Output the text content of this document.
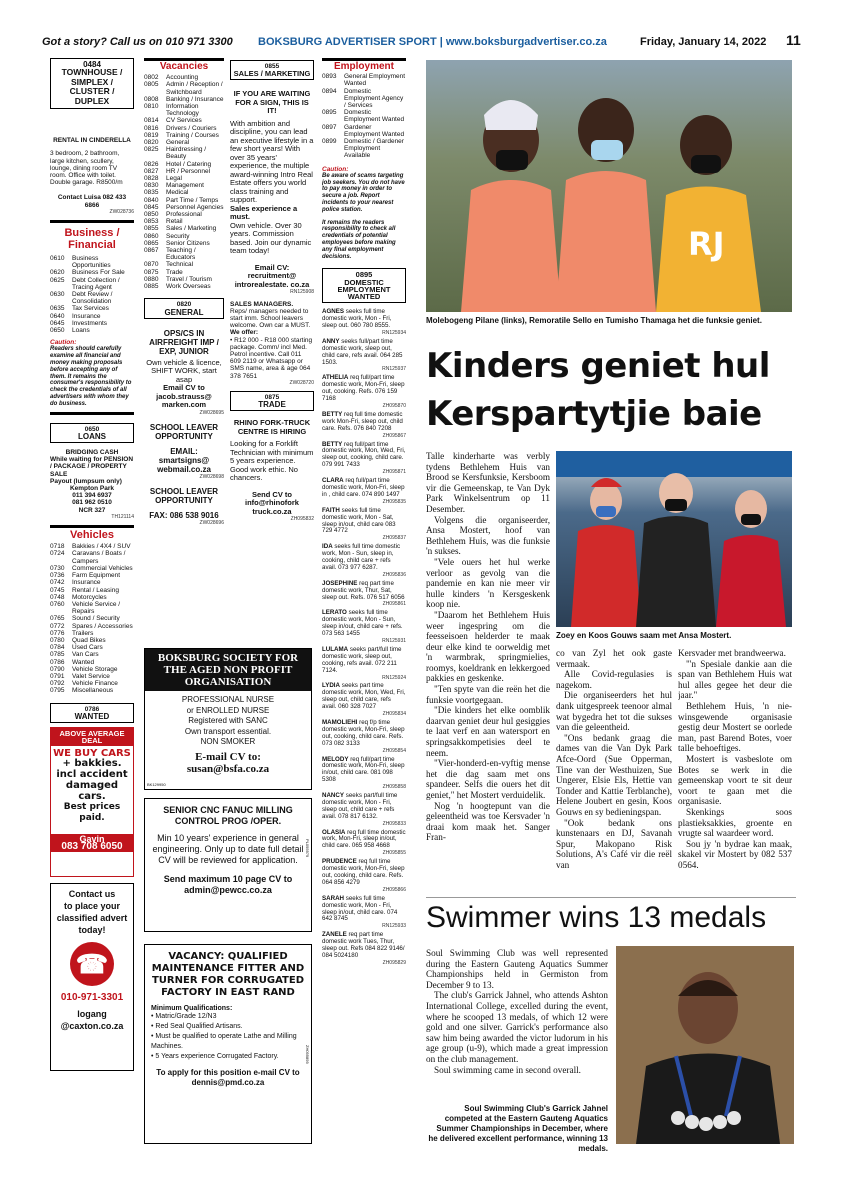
Got a story? Call us on 010 971 3300 BOKSBURG ADVERTISER SPORT | www.boksburgadvertiser.co.za	Friday, January 14, 2022 11
0484
TOWNHOUSE / SIMPLEX / CLUSTER / DUPLEX
RENTAL IN CINDERELLA
3 bedroom, 2 bathroom, large kitchen, scullery, lounge, dining room TV room. Office with toilet. Double garage. R8500/m
Contact Luisa 082 433 6866
ZW028736
Business / Financial
0610	Business Opportunities
0620	Business For Sale
0625	Debt Collection / Tracing Agent
0630	Debt Review / Consolidation
0635	Tax Services
0640	Insurance
0645	Investments
0650	Loans
Caution:
Readers should carefully examine all financial and money making proposals before accepting any of them. It remains the consumer's responsibility to check the credentials of all advertisers with whom they do business.
0650
LOANS
BRIDGING CASH
While waiting for PENSION / PACKAGE / PROPERTY SALE
Payout (lumpsum only)
Kempton Park
011 394 6937
081 962 0510
NCR 327
TH121114
Vehicles
0718	Bakkies / 4X4 / SUV
0724	Caravans / Boats / Campers
0730	Commercial Vehicles
0736	Farm Equipment
0742	Insurance
0745	Rental / Leasing
0748	Motorcycles
0760	Vehicle Service / Repairs
0765	Sound / Security
0772	Spares / Accessories
0776	Trailers
0780	Quad Bikes
0784	Used Cars
0785	Van Cars
0786	Wanted
0790	Vehicle Storage
0791	Valet Service
0792	Vehicle Finance
0795	Miscellaneous
0786
WANTED
ABOVE AVERAGE DEAL
WE BUY CARS
+ bakkies.
incl accident
damaged cars.
Best prices paid.
Gavin
083 708 6050
Contact us
to place your
classified advert
today!
☎
010-971-3301
logang
@caxton.co.za
Vacancies
0802	Accounting
0805	Admin / Reception / Switchboard
0808	Banking / Insurance
0810	Information Technology
0814	CV Services
0816	Drivers / Couriers
0819	Training / Courses
0820	General
0825	Hairdressing / Beauty
0826	Hotel / Catering
0827	HR / Personnel
0828	Legal
0830	Management
0835	Medical
0840	Part Time / Temps
0845	Personnel Agencies
0850	Professional
0853	Retail
0855	Sales / Marketing
0860	Security
0865	Senior Citizens
0867	Teaching / Educators
0870	Technical
0875	Trade
0880	Travel / Tourism
0885	Work Overseas
0820
GENERAL
OPS/CS IN AIRFREIGHT IMP / EXP, JUNIOR
Own vehicle & licence, SHIFT WORK, start asap
Email CV to jacob.strauss@ marken.com
ZW028695
SCHOOL LEAVER OPPORTUNITY
EMAIL: smartsigns@ webmail.co.za
ZW028698
SCHOOL LEAVER OPPORTUNITY
FAX: 086 538 9016
ZW028696
0855
SALES / MARKETING
IF YOU ARE WAITING FOR A SIGN, THIS IS IT!
With ambition and discipline, you can lead an executive lifestyle in a few short years! With over 35 years' experience, the multiple award-winning Intro Real Estate offers you world class training and support.
Sales experience a must.
Own vehicle. Over 30 years. Commission based. Join our dynamic team today!
Email CV: recruitment@ introrealestate. co.za
RN125908
SALES MANAGERS.
Reps/ managers needed to start imm. School leavers welcome. Own car a MUST.
We offer:
• R12 000 - R18 000 starting package. Comm/ incl Med. Petrol incentive. Call 011 609 2119 or Whatsapp or SMS name, area & age 064 378 7651
ZW028720
0875
TRADE
RHINO FORK-TRUCK CENTRE IS HIRING
Looking for a Forklift Technician with minimum 5 years experience. Good work ethic. No chancers.
Send CV to info@rhinofork truck.co.za
ZH095832
Employment
0893	General Employment Wanted
0894	Domestic Employment Agency / Services
0895	Domestic Employment Wanted
0897	Gardener Employment Wanted
0899	Domestic / Gardener Employment Available
Caution:
Be aware of scams targeting job seekers. You do not have to pay money in order to secure a job. Report incidents to your nearest police station.
It remains the readers responsibility to check all credentials of potential employees before making any final employment decisions.
0895
DOMESTIC EMPLOYMENT WANTED
AGNES seeks full time domestic work, Mon - Fri, sleep out. 060 780 8555.
RN125934
ANNY seeks full/part time domestic work, sleep out, child care, refs avail. 064 285 1503.
RN125937
ATHELIA req full/part time domestic work, Mon-Fri, sleep out, cooking. Refs. 076 159 7168
ZH095870
BETTY req full time domestic work Mon-Fri, sleep out, child care. Refs. 076 840 7208
ZH095867
BETTY req full/part time domestic work, Mon, Wed, Fri, sleep out, cooking, child care. 079 991 7433
ZH095871
CLARA req full/part time domestic work, Mon-Fri, sleep in , child care. 074 890 1497
ZH095835
FAITH seeks full time domestic work, Mon - Sat, sleep in/out, child care 083 729 4772
ZH095837
IDA seeks full time domestic work, Mon - Sun, sleep in, cooking, child care + refs avail. 073 977 6287.
ZH095836
JOSEPHINE req part time domestic work, Thur, Sat, sleep out. Refs. 076 517 6056
ZH095861
LERATO seeks full time domestic work, Mon - Sun, sleep in/out, child care + refs. 073 563 1455
RN125931
LULAMA seeks part/full time domestic work, sleep out, cooking, refs avail. 072 211 7124.
RN125924
LYDIA seeks part time domestic work, Mon, Wed, Fri, sleep out, child care, refs avail. 060 328 7027
ZH095834
MAMOLIEHI req f/p time domestic work, Mon-Fri, sleep out, cooking, child care. Refs. 073 082 3133
ZH095854
MELODY req full/part time domestic work, Mon-Fri, sleep in/out, child care. 081 098 5308
ZH095858
NANCY seeks part/full time domestic work, Mon - Fri, sleep out, child care + refs avail. 078 817 6132.
ZH095833
OLASIA req full time domestic work, Mon-Fri, sleep in/out, child care. 065 958 4668
ZH095855
PRUDENCE req full time domestic work, Mon-Fri, sleep out, cooking, child care. Refs. 064 856 4279
ZH095866
SARAH seeks full time domestic work, Mon - Fri, sleep in/out, child care. 074 642 8745
RN125933
ZANELE req part time domestic work Tues, Thur, sleep out. Refs 084 822 9146/ 084 5024180
ZH095829
BOKSBURG SOCIETY FOR THE AGED NON PROFIT ORGANISATION
PROFESSIONAL NURSE
or ENROLLED NURSE
Registered with SANC
Own transport essential.
NON SMOKER
E-mail CV to:
susan@bsfa.co.za
BK129950
SENIOR CNC FANUC MILLING CONTROL PROG /OPER.
Min 10 years' experience in general engineering. Only up to date full detail CV will be reviewed for application.
Send maximum 10 page CV to admin@pewcc.co.za
PL095979
VACANCY: QUALIFIED MAINTENANCE FITTER AND TURNER FOR CORRUGATED FACTORY IN EAST RAND
Minimum Qualifications:
• Matric/Grade 12/N3
• Red Seal Qualified Artisans.
• Must be qualified to operate Lathe and Milling Machines.
• 5 Years experience Corrugated Factory.
To apply for this position e-mail CV to dennis@pmd.co.za
ZH095899
RJ
Molebogeng Pilane (links), Remoratile Sello en Tumisho Thamaga het die funksie geniet.
Kinders geniet hul
Kerspartytjie baie
Zoey en Koos Gouws saam met Ansa Mostert.

Talle kinderharte was verbly tydens Bethlehem Huis van Brood se Kersfunksie, Kersboom vir die Gemeenskap, te Van Dyk Park Winkelsentrum op 11 Desember.

Volgens die organiseerder, Ansa Mostert, hoof van Bethlehem Huis, was die funksie 'n sukses.

"Vele ouers het hul werke verloor as gevolg van die pandemie en kan nie meer vir hulle kinders 'n Kersgeskenk koop nie.

"Daarom het Bethlehem Huis weer ingespring om die feesseisoen helderder te maak deur elke kind te oorweldig met 'n warmbrak, springmielies, roomys, koeldrank en lekkergoed pakkies en geskenke.

"Ten spyte van die reën het die funksie voortgegaan.

"Die kinders het elke oomblik daarvan geniet deur hul gesiggies te laat verf en aan watersport en springsakkompetisies deel te neem.

"Vier-honderd-en-vyftig mense het die dag saam met ons spandeer. Selfs die ouers het dit geniet," het Mostert verduidelik.

Nog 'n hoogtepunt van die geleentheid was toe Kersvader 'n draai kom maak het. Sanger Fran-

co van Zyl het ook gaste vermaak.

Alle Covid-regulasies is nagekom.

Die organiseerders het hul dank uitgespreek teenoor almal wat bygedra het tot die sukses van die geleentheid.

"Ons bedank graag die dames van die Van Dyk Park Afce-Oord (Sue Opperman, Tine van der Westhuizen, Sue Ungerer, Elsie Els, Hettie van Tonder and Kattie Terblanche), Helene Joubert en gesin, Koos Gouws en sy bedieningspan.

"Ook bedank ons kunstenaars en DJ, Savanah Spur, Makopano Risk Solutions, A's Café vir die reël van

Kersvader met brandweerwa.

"'n Spesiale dankie aan die span van Bethlehem Huis wat hul alles gegee het deur die jaar."

Bethlehem Huis, 'n nie-winsgewende organisasie gestig deur Mostert se oorlede man, past Barend Botes, voer talle behoeftiges.

Mostert is vasbeslote om Botes se werk in die gemeenskap voort te sit deur voort te gaan met die organisasie.

Skenkings soos plastieksakkies, groente en vrugte sal waardeer word.

Sou jy 'n bydrae kan maak, skakel vir Mostert by 082 537 0564.

Swimmer wins 13 medals

Soul Swimming Club was well represented during the Eastern Gauteng Aquatics Summer Championships held in Germiston from December 9 to 13.

The club's Garrick Jahnel, who attends Ashton International College, excelled during the event, where he scooped 13 medals, of which 12 were gold and one silver. Garrick's performance also saw him being awarded the victor ludorum in his age group (u-9), which made a great impression on the club management.

Soul swimming came in second overall.

Soul Swimming Club's Garrick Jahnel competed at the Eastern Gauteng Aquatics Summer Championships in December, where he delivered excellent performance, winning 13 medals.
